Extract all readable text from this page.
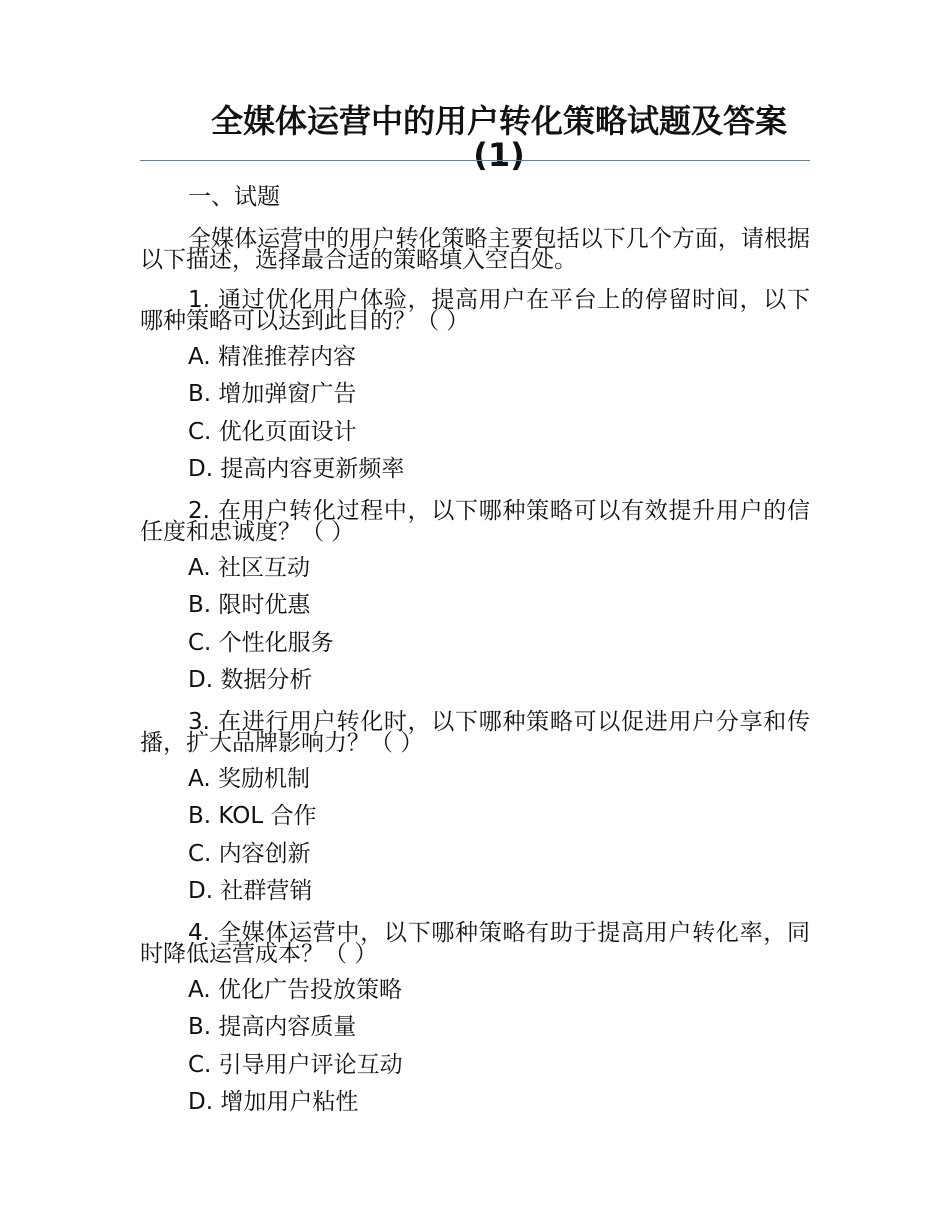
全媒体运营中的用户转化策略试题及答案(1)

一、试题

全媒体运营中的用户转化策略主要包括以下几个方面，请根据以下描述，选择最合适的策略填入空白处。

1. 通过优化用户体验，提高用户在平台上的停留时间，以下哪种策略可以达到此目的？（ ）

A. 精准推荐内容

B. 增加弹窗广告

C. 优化页面设计

D. 提高内容更新频率

2. 在用户转化过程中，以下哪种策略可以有效提升用户的信任度和忠诚度？（ ）

A. 社区互动

B. 限时优惠

C. 个性化服务

D. 数据分析

3. 在进行用户转化时，以下哪种策略可以促进用户分享和传播，扩大品牌影响力？（ ）

A. 奖励机制

B. KOL 合作

C. 内容创新

D. 社群营销

4. 全媒体运营中，以下哪种策略有助于提高用户转化率，同时降低运营成本？（ ）

A. 优化广告投放策略

B. 提高内容质量

C. 引导用户评论互动

D. 增加用户粘性
